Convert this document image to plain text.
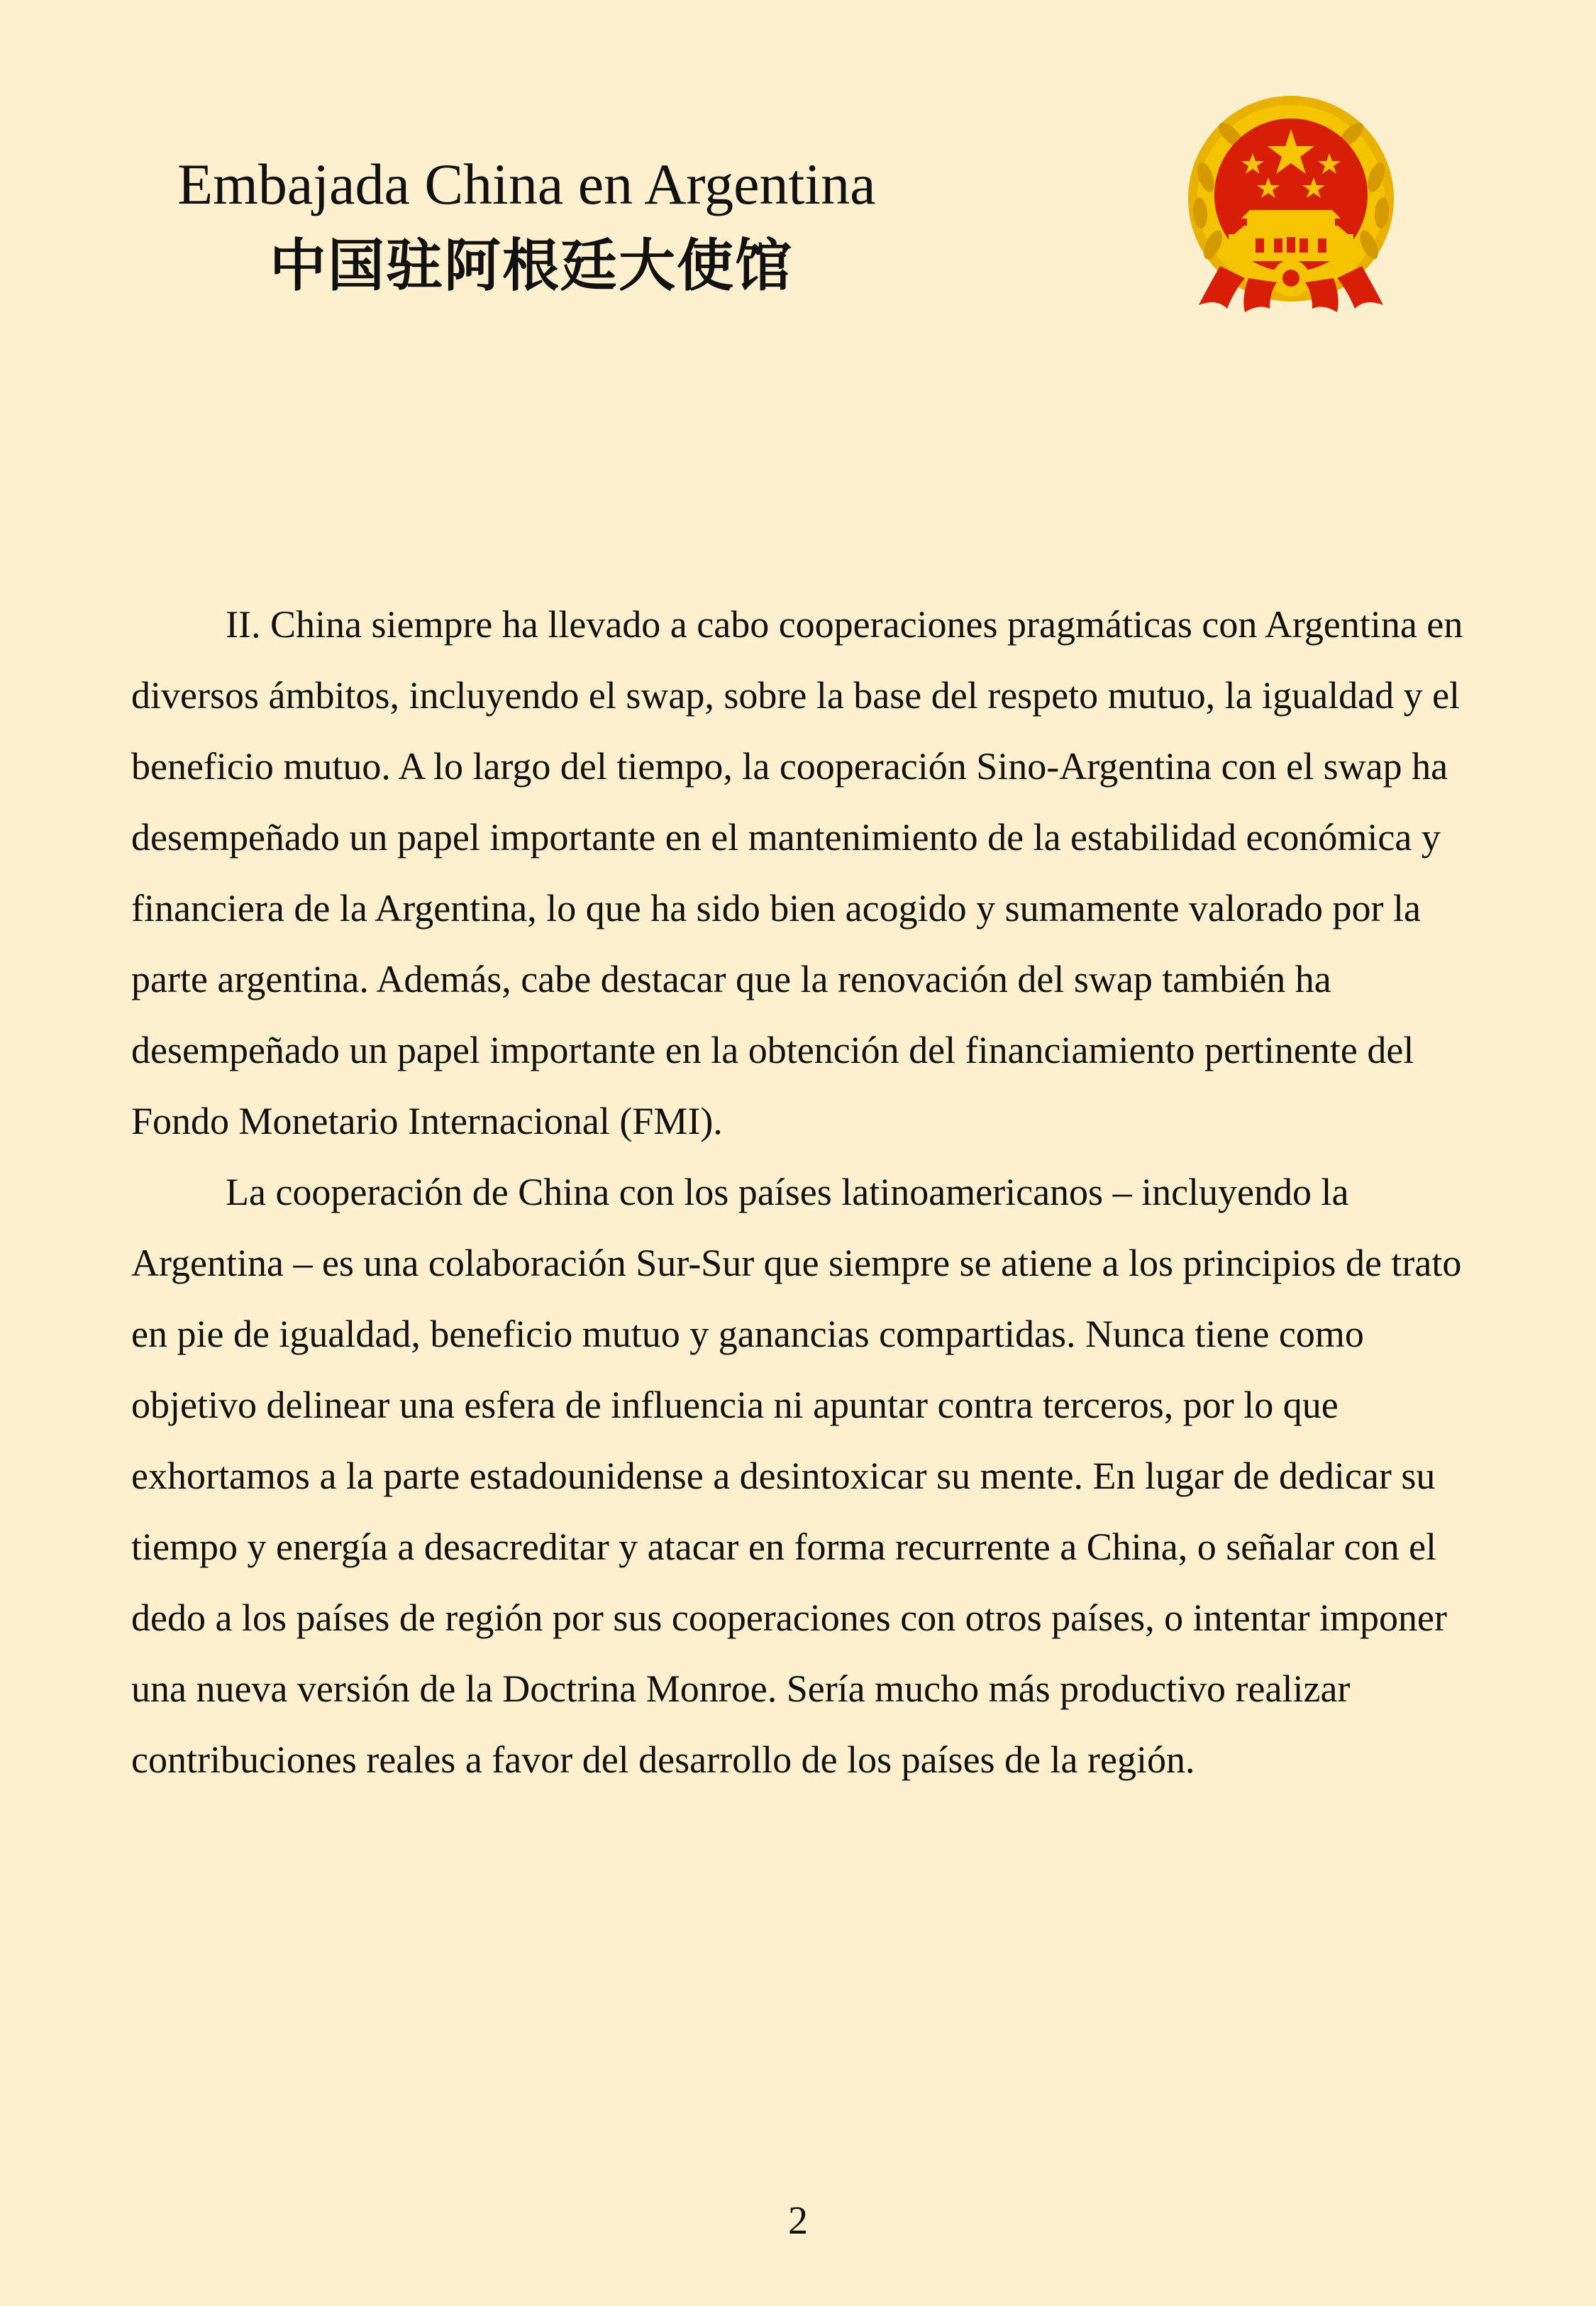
Embajada China en Argentina
中国驻阿根廷大使馆

II. China siempre ha llevado a cabo cooperaciones pragmáticas con Argentina en diversos ámbitos, incluyendo el swap, sobre la base del respeto mutuo, la igualdad y el beneficio mutuo. A lo largo del tiempo, la cooperación Sino-Argentina con el swap ha desempeñado un papel importante en el mantenimiento de la estabilidad económica y financiera de la Argentina, lo que ha sido bien acogido y sumamente valorado por la parte argentina. Además, cabe destacar que la renovación del swap también ha desempeñado un papel importante en la obtención del financiamiento pertinente del Fondo Monetario Internacional (FMI).

La cooperación de China con los países latinoamericanos – incluyendo la Argentina – es una colaboración Sur-Sur que siempre se atiene a los principios de trato en pie de igualdad, beneficio mutuo y ganancias compartidas. Nunca tiene como objetivo delinear una esfera de influencia ni apuntar contra terceros, por lo que exhortamos a la parte estadounidense a desintoxicar su mente. En lugar de dedicar su tiempo y energía a desacreditar y atacar en forma recurrente a China, o señalar con el dedo a los países de región por sus cooperaciones con otros países, o intentar imponer una nueva versión de la Doctrina Monroe. Sería mucho más productivo realizar contribuciones reales a favor del desarrollo de los países de la región.

2
